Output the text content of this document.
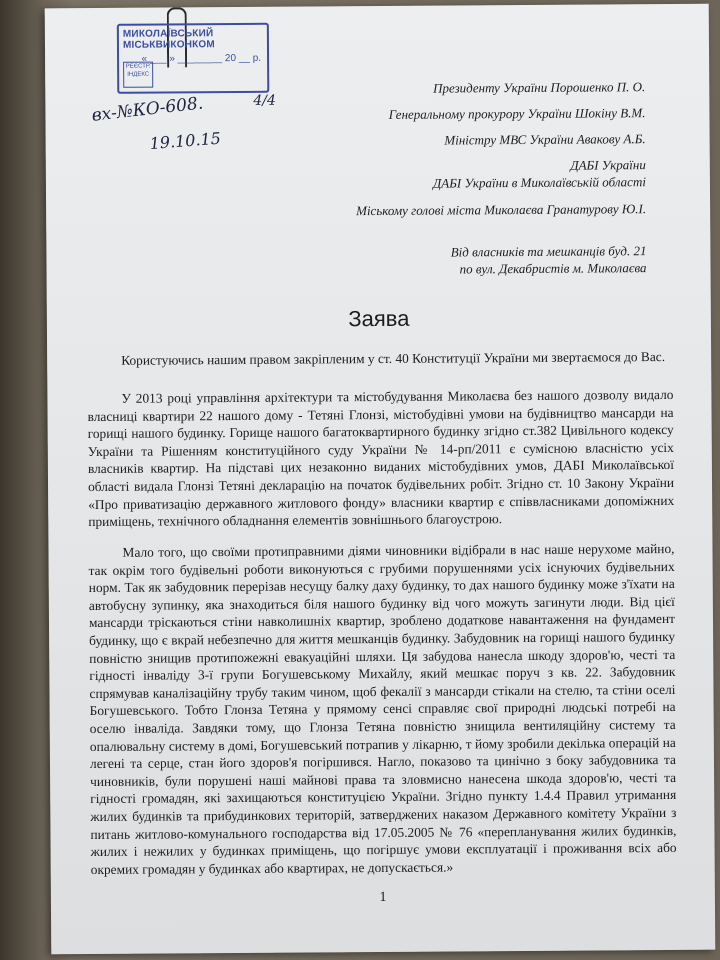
МИКОЛАЇВСЬКИЙ МІСЬКВИКОНКОМ
« ___ » ________ 20 __ р.
РЕЄСТР. ІНДЕКС
вх-№КО-608.	4/4
19.10.15
Президенту України Порошенко П. О.
Генеральному прокурору України Шокіну В.М.
Міністру МВС України Авакову А.Б.
ДАБІ України
ДАБІ України в Миколаївській області
Міському голові міста Миколаєва Гранатурову Ю.І.
Від власників та мешканців буд. 21
по вул. Декабристів м. Миколаєва
Заява
Користуючись нашим правом закріпленим у ст. 40 Конституції України ми звертаємося до Вас.
У 2013 році управління архітектури та містобудування Миколаєва без нашого дозволу видало власниці квартири 22 нашого дому - Тетяні Глонзі, містобудівні умови на будівництво мансарди на горищі нашого будинку. Горище нашого багатоквартирного будинку згідно ст.382 Цивільного кодексу України та Рішенням конституційного суду України № 14-рп/2011 є сумісною власністю усіх власників квартир. На підставі цих незаконно виданих містобудівних умов, ДАБІ Миколаївської області видала Глонзі Тетяні декларацію на початок будівельних робіт. Згідно ст. 10 Закону України «Про приватизацію державного житлового фонду» власники квартир є співвласниками допоміжних приміщень, технічного обладнання елементів зовнішнього благоустрою.
Мало того, що своїми протиправними діями чиновники відібрали в нас наше нерухоме майно, так окрім того будівельні роботи виконуються с грубими порушеннями усіх існуючих будівельних норм. Так як забудовник перерізав несущу балку даху будинку, то дах нашого будинку може з'їхати на автобусну зупинку, яка знаходиться біля нашого будинку від чого можуть загинути люди. Від цієї мансарди тріскаються стіни навколишніх квартир, зроблено додаткове навантаження на фундамент будинку, що є вкрай небезпечно для життя мешканців будинку. Забудовник на горищі нашого будинку повністю знищив протипожежні евакуаційні шляхи. Ця забудова нанесла шкоду здоров'ю, честі та гідності інваліду 3-ї групи Богушевському Михайлу, який мешкає поруч з кв. 22. Забудовник спрямував каналізаційну трубу таким чином, щоб фекалії з мансарди стікали на стелю, та стіни оселі Богушевського. Тобто Глонза Тетяна у прямому сенсі справляє свої природні людські потребі на оселю інваліда. Завдяки тому, що Глонза Тетяна повністю знищила вентиляційну систему та опалювальну систему в домі, Богушевський потрапив у лікарню, т йому зробили декілька операцій на легені та серце, стан його здоров'я погіршився. Нагло, показово та цинічно з боку забудовника та чиновників, були порушені наші майнові права та зловмисно нанесена шкода здоров'ю, честі та гідності громадян, які захищаються конституцією України. Згідно пункту 1.4.4 Правил утримання жилих будинків та прибудинкових територій, затверджених наказом Державного комітету України з питань житлово-комунального господарства від 17.05.2005 № 76 «перепланування жилих будинків, жилих і нежилих у будинках приміщень, що погіршує умови експлуатації і проживання всіх або окремих громадян у будинках або квартирах, не допускається.»
1
